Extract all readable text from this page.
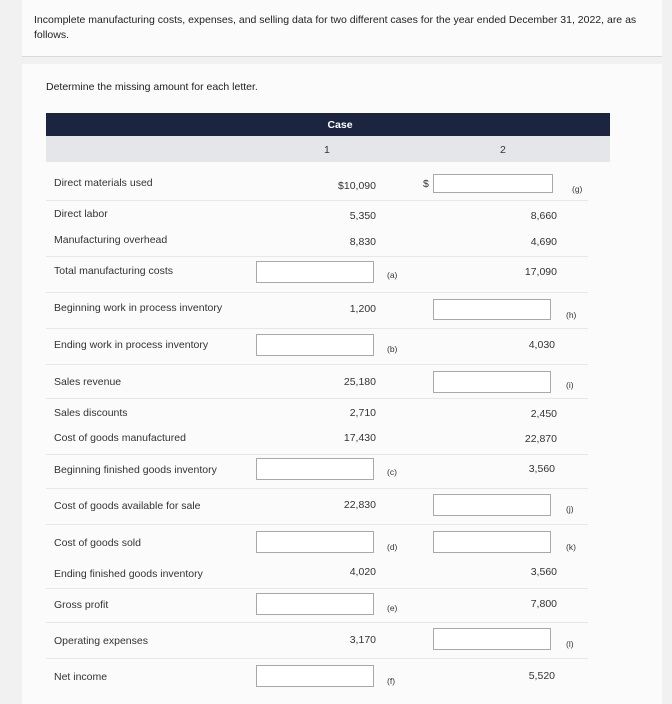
Incomplete manufacturing costs, expenses, and selling data for two different cases for the year ended December 31, 2022, are as follows.
Determine the missing amount for each letter.
Case
1	2
Direct materials used	$10,090	$	(g)
Direct labor	5,350	8,660
Manufacturing overhead	8,830	4,690
Total manufacturing costs	(a)	17,090
Beginning work in process inventory	1,200	(h)
Ending work in process inventory	(b)	4,030
Sales revenue	25,180	(i)
Sales discounts	2,710	2,450
Cost of goods manufactured	17,430	22,870
Beginning finished goods inventory	(c)	3,560
Cost of goods available for sale	22,830	(j)
Cost of goods sold	(d)	(k)
Ending finished goods inventory	4,020	3,560
Gross profit	(e)	7,800
Operating expenses	3,170	(l)
Net income	(f)	5,520
